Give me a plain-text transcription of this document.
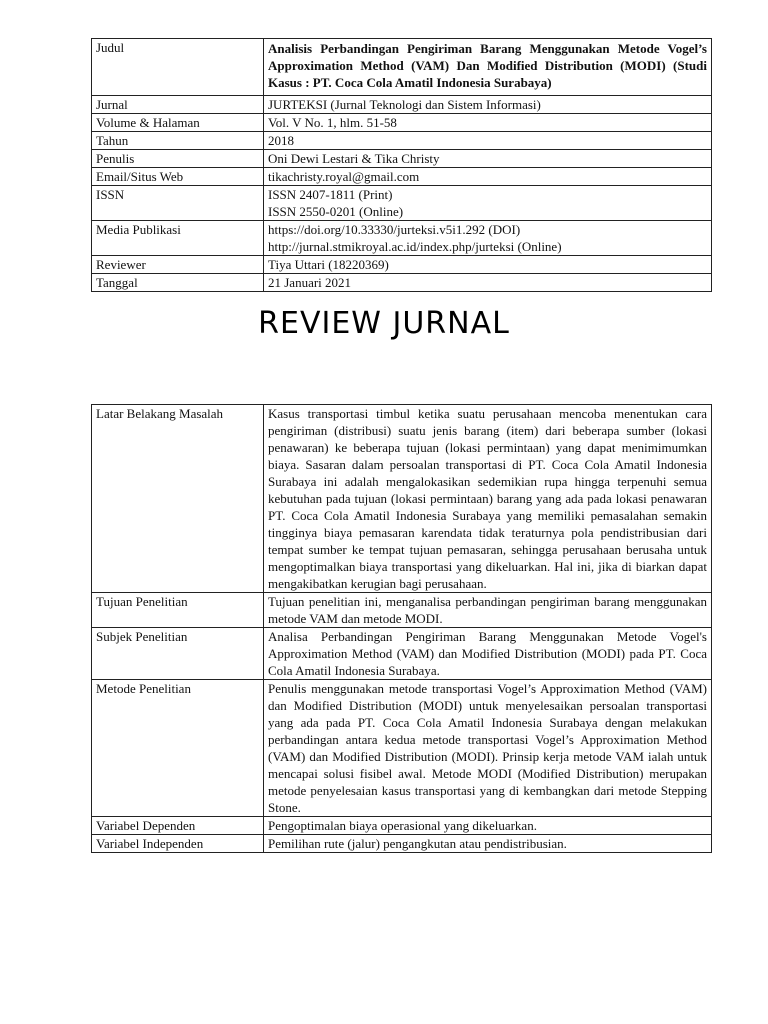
Judul	Analisis Perbandingan Pengiriman Barang Menggunakan Metode Vogel’s Approximation Method (VAM) Dan Modified Distribution (MODI) (Studi Kasus : PT. Coca Cola Amatil Indonesia Surabaya)
Jurnal	JURTEKSI (Jurnal Teknologi dan Sistem Informasi)
Volume & Halaman	Vol. V No. 1, hlm. 51-58
Tahun	2018
Penulis	Oni Dewi Lestari & Tika Christy
Email/Situs Web	tikachristy.royal@gmail.com
ISSN	ISSN 2407-1811 (Print)
ISSN 2550-0201 (Online)

Media Publikasi	https://doi.org/10.33330/jurteksi.v5i1.292 (DOI)
http://jurnal.stmikroyal.ac.id/index.php/jurteksi (Online)

Reviewer	Tiya Uttari (18220369)
Tanggal	21 Januari 2021
REVIEW JURNAL
Latar Belakang Masalah	Kasus transportasi timbul ketika suatu perusahaan mencoba menentukan cara pengiriman (distribusi) suatu jenis barang (item) dari beberapa sumber (lokasi penawaran) ke beberapa tujuan (lokasi permintaan) yang dapat menimimumkan biaya. Sasaran dalam persoalan transportasi di PT. Coca Cola Amatil Indonesia Surabaya ini adalah mengalokasikan sedemikian rupa hingga terpenuhi semua kebutuhan pada tujuan (lokasi permintaan) barang yang ada pada lokasi penawaran PT. Coca Cola Amatil Indonesia Surabaya yang memiliki pemasalahan semakin tingginya biaya pemasaran karendata tidak teraturnya pola pendistribusian dari tempat sumber ke tempat tujuan pemasaran, sehingga perusahaan berusaha untuk mengoptimalkan biaya transportasi yang dikeluarkan. Hal ini, jika di biarkan dapat mengakibatkan kerugian bagi perusahaan.
Tujuan Penelitian	Tujuan penelitian ini, menganalisa perbandingan pengiriman barang menggunakan metode VAM dan metode MODI.
Subjek Penelitian	Analisa Perbandingan Pengiriman Barang Menggunakan Metode Vogel's Approximation Method (VAM) dan Modified Distribution (MODI) pada PT. Coca Cola Amatil Indonesia Surabaya.
Metode Penelitian	Penulis menggunakan metode transportasi Vogel’s Approximation Method (VAM) dan Modified Distribution (MODI) untuk menyelesaikan persoalan transportasi yang ada pada PT. Coca Cola Amatil Indonesia Surabaya dengan melakukan perbandingan antara kedua metode transportasi Vogel’s Approximation Method (VAM) dan Modified Distribution (MODI). Prinsip kerja metode VAM ialah untuk mencapai solusi fisibel awal. Metode MODI (Modified Distribution) merupakan metode penyelesaian kasus transportasi yang di kembangkan dari metode Stepping Stone.
Variabel Dependen	Pengoptimalan biaya operasional yang dikeluarkan.
Variabel Independen	Pemilihan rute (jalur) pengangkutan atau pendistribusian.
